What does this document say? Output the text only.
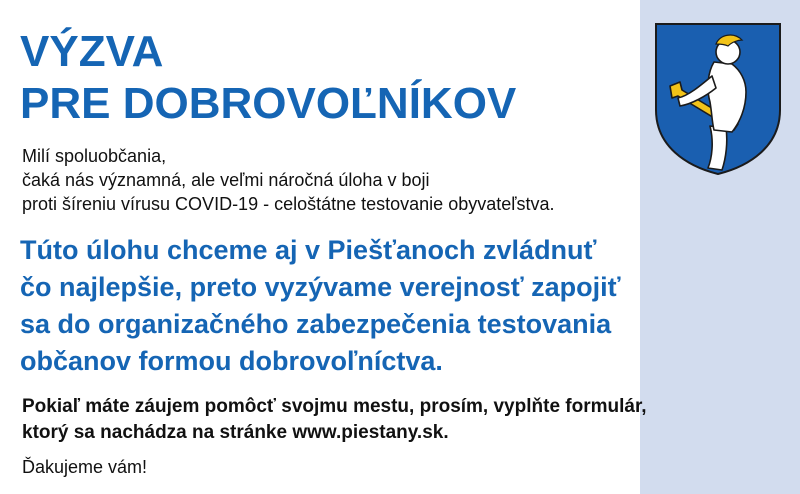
VÝZVA
PRE DOBROVOĽNÍKOV

Milí spoluobčania,
čaká nás významná, ale veľmi náročná úloha v boji
proti šíreniu vírusu COVID-19 - celoštátne testovanie obyvateľstva.

Túto úlohu chceme aj v Piešťanoch zvládnuť
čo najlepšie, preto vyzývame verejnosť zapojiť
sa do organizačného zabezpečenia testovania
občanov formou dobrovoľníctva.

Pokiaľ máte záujem pomôcť svojmu mestu, prosím, vyplňte formulár,
ktorý sa nachádza na stránke www.piestany.sk.

Ďakujeme vám!
